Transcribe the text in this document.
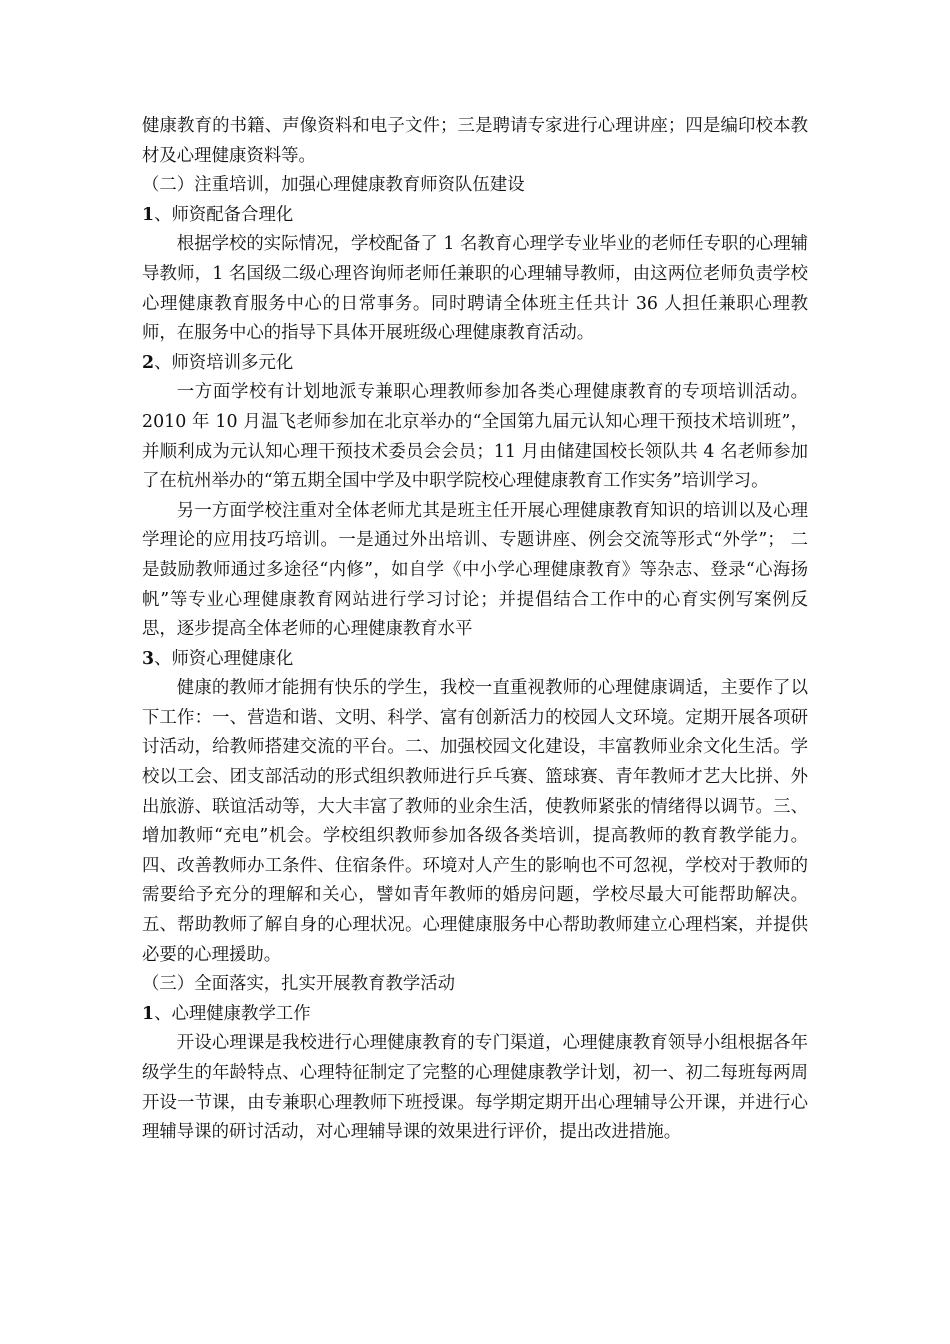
健康教育的书籍、声像资料和电子文件；三是聘请专家进行心理讲座；四是编印校本教材及心理健康资料等。

（二）注重培训，加强心理健康教育师资队伍建设

1、师资配备合理化

根据学校的实际情况，学校配备了 1 名教育心理学专业毕业的老师任专职的心理辅导教师，1 名国级二级心理咨询师老师任兼职的心理辅导教师，由这两位老师负责学校心理健康教育服务中心的日常事务。同时聘请全体班主任共计 36 人担任兼职心理教师，在服务中心的指导下具体开展班级心理健康教育活动。

2、师资培训多元化

一方面学校有计划地派专兼职心理教师参加各类心理健康教育的专项培训活动。2010 年 10 月温飞老师参加在北京举办的“全国第九届元认知心理干预技术培训班”，并顺利成为元认知心理干预技术委员会会员；11 月由储建国校长领队共 4 名老师参加了在杭州举办的“第五期全国中学及中职学院校心理健康教育工作实务”培训学习。

另一方面学校注重对全体老师尤其是班主任开展心理健康教育知识的培训以及心理学理论的应用技巧培训。一是通过外出培训、专题讲座、例会交流等形式“外学”； 二是鼓励教师通过多途径“内修”，如自学《中小学心理健康教育》等杂志、登录“心海扬帆”等专业心理健康教育网站进行学习讨论；并提倡结合工作中的心育实例写案例反思，逐步提高全体老师的心理健康教育水平

3、师资心理健康化

健康的教师才能拥有快乐的学生，我校一直重视教师的心理健康调适，主要作了以下工作：一、营造和谐、文明、科学、富有创新活力的校园人文环境。定期开展各项研讨活动，给教师搭建交流的平台。二、加强校园文化建设，丰富教师业余文化生活。学校以工会、团支部活动的形式组织教师进行乒乓赛、篮球赛、青年教师才艺大比拼、外出旅游、联谊活动等，大大丰富了教师的业余生活，使教师紧张的情绪得以调节。三、增加教师“充电”机会。学校组织教师参加各级各类培训，提高教师的教育教学能力。四、改善教师办工条件、住宿条件。环境对人产生的影响也不可忽视，学校对于教师的需要给予充分的理解和关心，譬如青年教师的婚房问题，学校尽最大可能帮助解决。五、帮助教师了解自身的心理状况。心理健康服务中心帮助教师建立心理档案，并提供必要的心理援助。

（三）全面落实，扎实开展教育教学活动

1、心理健康教学工作

开设心理课是我校进行心理健康教育的专门渠道，心理健康教育领导小组根据各年级学生的年龄特点、心理特征制定了完整的心理健康教学计划，初一、初二每班每两周开设一节课，由专兼职心理教师下班授课。每学期定期开出心理辅导公开课，并进行心理辅导课的研讨活动，对心理辅导课的效果进行评价，提出改进措施。
